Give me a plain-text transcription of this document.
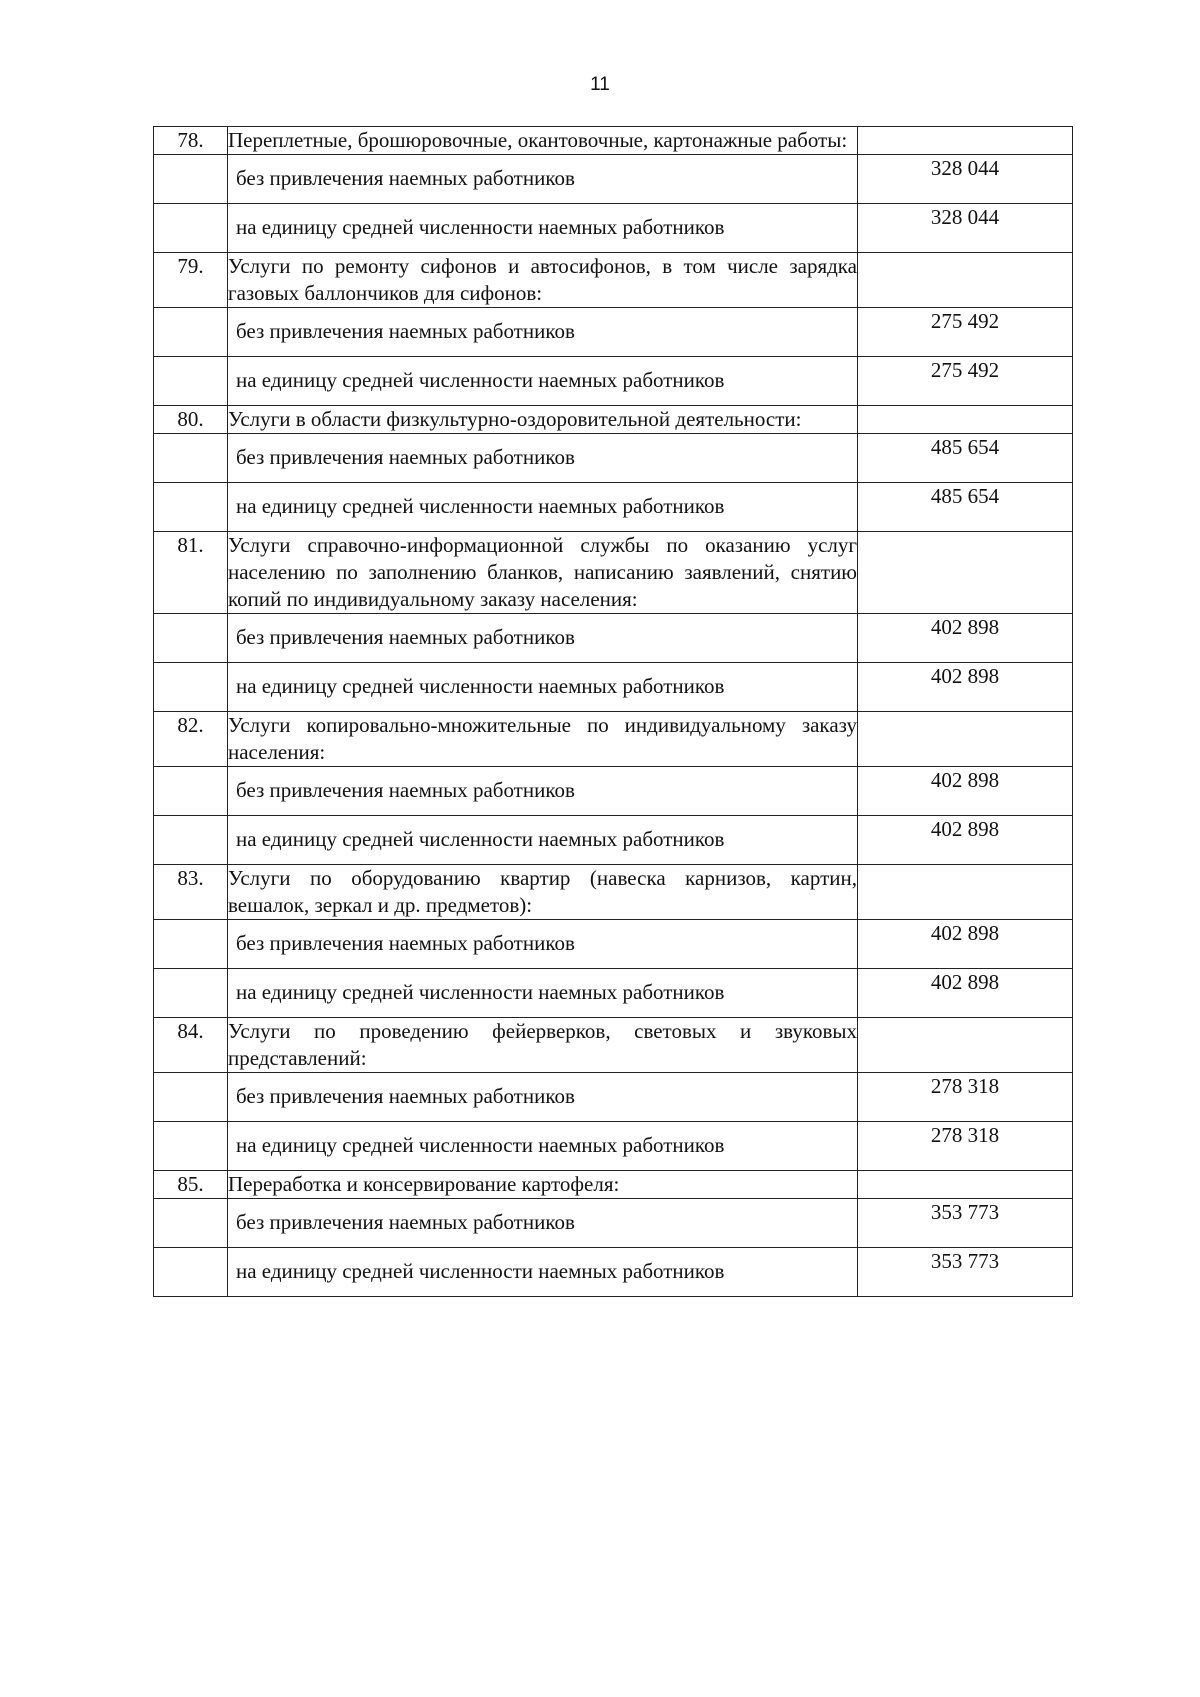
11
78.	Переплетные, брошюровочные, окантовочные, картонажные работы:	
	без привлечения наемных работников	328 044
	на единицу средней численности наемных работников	328 044
79.	Услуги по ремонту сифонов и автосифонов, в том числе зарядка газовых баллончиков для сифонов:	
	без привлечения наемных работников	275 492
	на единицу средней численности наемных работников	275 492
80.	Услуги в области физкультурно-оздоровительной деятельности:	
	без привлечения наемных работников	485 654
	на единицу средней численности наемных работников	485 654
81.	Услуги справочно-информационной службы по оказанию услуг населению по заполнению бланков, написанию заявлений, снятию копий по индивидуальному заказу населения:	
	без привлечения наемных работников	402 898
	на единицу средней численности наемных работников	402 898
82.	Услуги копировально-множительные по индивидуальному заказу населения:	
	без привлечения наемных работников	402 898
	на единицу средней численности наемных работников	402 898
83.	Услуги по оборудованию квартир (навеска карнизов, картин, вешалок, зеркал и др. предметов):	
	без привлечения наемных работников	402 898
	на единицу средней численности наемных работников	402 898
84.	Услуги по проведению фейерверков, световых и звуковых представлений:	
	без привлечения наемных работников	278 318
	на единицу средней численности наемных работников	278 318
85.	Переработка и консервирование картофеля:	
	без привлечения наемных работников	353 773
	на единицу средней численности наемных работников	353 773
